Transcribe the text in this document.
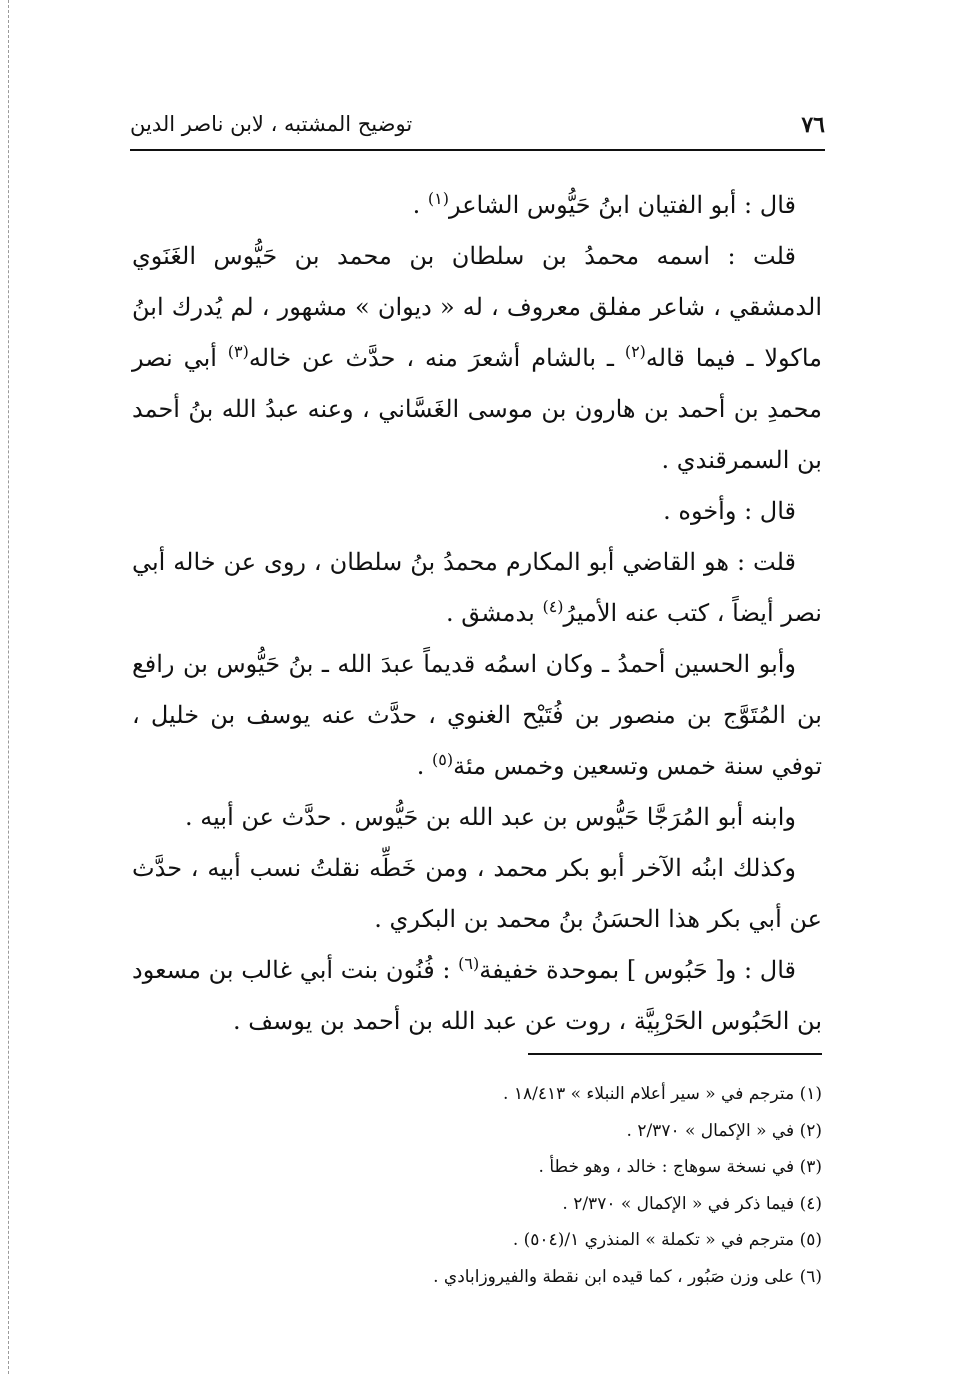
٧٦
توضيح المشتبه ، لابن ناصر الدين

قال : أبو الفتيان ابنُ حَيُّوس الشاعر$^{(١)}$ .

قلت : اسمه محمدُ بن سلطان بن محمد بن حَيُّوس الغَنَوي الدمشقي ، شاعر مفلق معروف ، له « ديوان » مشهور ، لم يُدرك ابنُ ماكولا ـ فيما قاله$^{(٢)}$ ـ بالشام أشعرَ منه ، حدَّث عن خاله$^{(٣)}$ أبي نصر محمدِ بن أحمد بن هارون بن موسى الغَسَّاني ، وعنه عبدُ الله بنُ أحمد بن السمرقندي .

قال : وأخوه .

قلت : هو القاضي أبو المكارم محمدُ بنُ سلطان ، روى عن خاله أبي نصر أيضاً ، كتب عنه الأميرُ$^{(٤)}$ بدمشق .

وأبو الحسين أحمدُ ـ وكان اسمُه قديماً عبدَ الله ـ بنُ حَيُّوس بن رافع بن المُتَوَّج بن منصور بن فُتَيْح الغنوي ، حدَّث عنه يوسف بن خليل ، توفي سنة خمس وتسعين وخمس مئة$^{(٥)}$ .

وابنه أبو المُرَجَّا حَيُّوس بن عبد الله بن حَيُّوس . حدَّث عن أبيه .

وكذلك ابنُه الآخر أبو بكر محمد ، ومن خَطِّه نقلتُ نسب أبيه ، حدَّث عن أبي بكر هذا الحسَنُ بنُ محمد بن البكري .

قال : و[ حَبُوس ] بموحدة خفيفة$^{(٦)}$ : فُنُون بنت أبي غالب بن مسعود بن الحَبُوس الحَرْبِيَّة ، روت عن عبد الله بن أحمد بن يوسف .

(١) مترجم في « سير أعلام النبلاء » ١٨/٤١٣ .
(٢) في « الإكمال » ٢/٣٧٠ .
(٣) في نسخة سوهاج : خالد ، وهو خطأ .
(٤) فيما ذكر في « الإكمال » ٢/٣٧٠ .
(٥) مترجم في « تكملة » المنذري ١/(٥٠٤) .
(٦) على وزن صَبُور ، كما قيده ابن نقطة والفيروزابادي .
